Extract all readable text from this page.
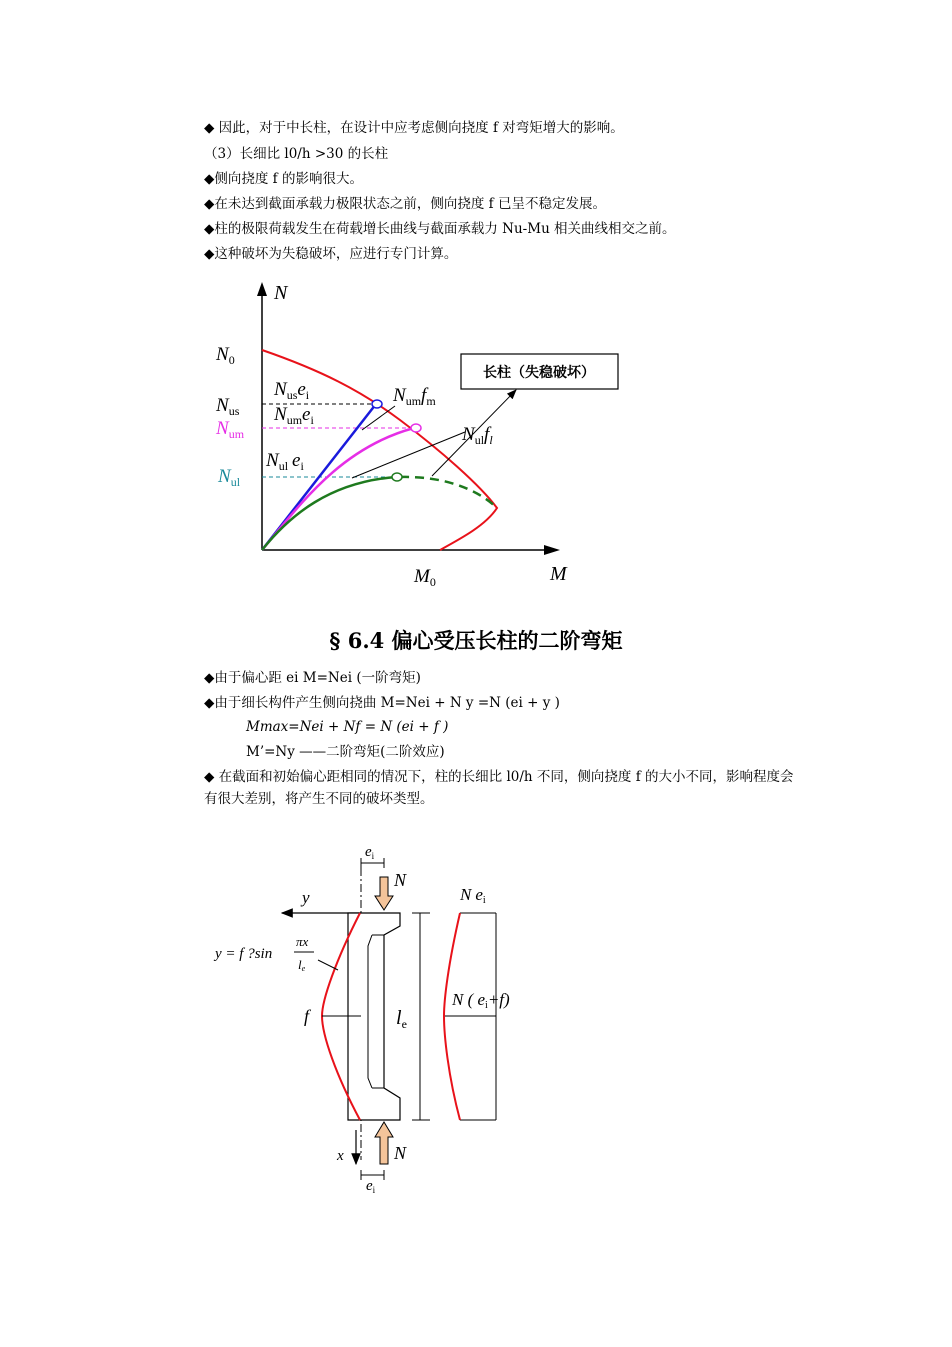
◆ 因此，对于中长柱，在设计中应考虑侧向挠度 f 对弯矩增大的影响。
（3）长细比 l0/h >30 的长柱
◆侧向挠度 f 的影响很大。
◆在未达到截面承载力极限状态之前，侧向挠度 f 已呈不稳定发展。
◆柱的极限荷载发生在荷载增长曲线与截面承载力 Nu-Mu 相关曲线相交之前。
◆这种破坏为失稳破坏，应进行专门计算。
长柱（失稳破坏）
N
M
$N_0$
$N_{us}$
$N_{um}$
$N_{ul}$
$M_0$
$N_{us}e_i$
$N_{um}e_i$
$N_{ul}$ $e_i$
$N_{um}f_m$
$N_{ul}f_l$
§ 6.4 偏心受压长柱的二阶弯矩
◆由于偏心距 ei M=Nei (一阶弯矩)
◆由于细长构件产生侧向挠曲 M=Nei + N y =N (ei + y )
Mmax=Nei + Nf = N (ei + f )
M’=Ny ——二阶弯矩(二阶效应)
◆ 在截面和初始偏心距相同的情况下，柱的长细比 l0/h 不同，侧向挠度 f 的大小不同，影响程度会有很大差别，将产生不同的破坏类型。
$e_i$
N
y
f
y = f ?sin
πx
le
$l_e$
N
x
$e_i$
N ei
N ( ei+f)
